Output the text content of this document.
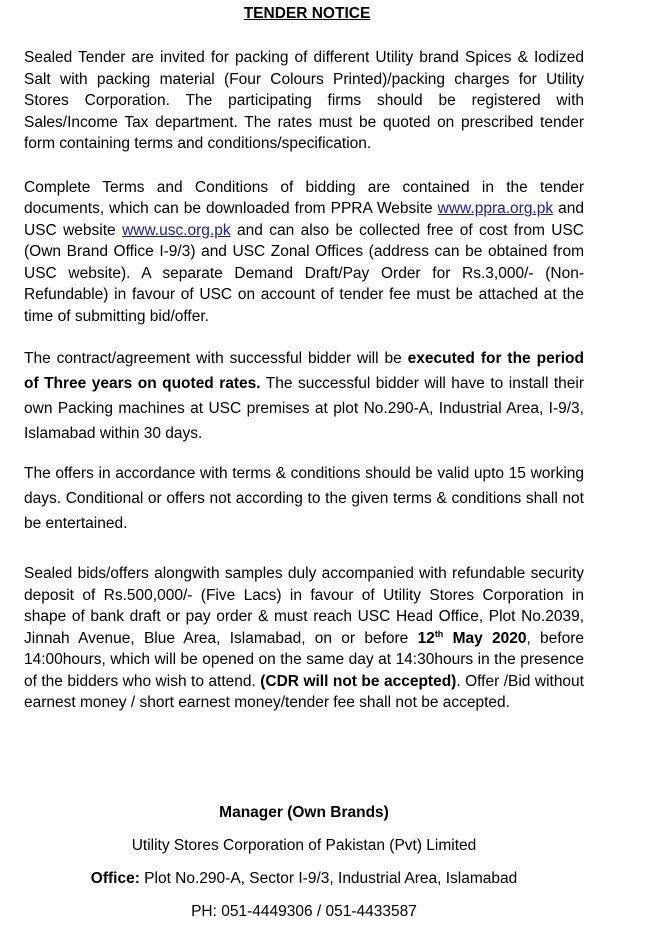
TENDER NOTICE

Sealed Tender are invited for packing of different Utility brand Spices & Iodized Salt with packing material (Four Colours Printed)/packing charges for Utility Stores Corporation. The participating firms should be registered with Sales/Income Tax department. The rates must be quoted on prescribed tender form containing terms and conditions/specification.

Complete Terms and Conditions of bidding are contained in the tender documents, which can be downloaded from PPRA Website www.ppra.org.pk and USC website www.usc.org.pk and can also be collected free of cost from USC (Own Brand Office I-9/3) and USC Zonal Offices (address can be obtained from USC website). A separate Demand Draft/Pay Order for Rs.3,000/- (Non-Refundable) in favour of USC on account of tender fee must be attached at the time of submitting bid/offer.

The contract/agreement with successful bidder will be executed for the period of Three years on quoted rates. The successful bidder will have to install their own Packing machines at USC premises at plot No.290-A, Industrial Area, I-9/3, Islamabad within 30 days.

The offers in accordance with terms & conditions should be valid upto 15 working days. Conditional or offers not according to the given terms & conditions shall not be entertained.

Sealed bids/offers alongwith samples duly accompanied with refundable security deposit of Rs.500,000/- (Five Lacs) in favour of Utility Stores Corporation in shape of bank draft or pay order & must reach USC Head Office, Plot No.2039, Jinnah Avenue, Blue Area, Islamabad, on or before 12th May 2020, before 14:00hours, which will be opened on the same day at 14:30hours in the presence of the bidders who wish to attend. (CDR will not be accepted). Offer /Bid without earnest money / short earnest money/tender fee shall not be accepted.

Manager (Own Brands)

Utility Stores Corporation of Pakistan (Pvt) Limited

Office: Plot No.290-A, Sector I-9/3, Industrial Area, Islamabad

PH: 051-4449306 / 051-4433587
